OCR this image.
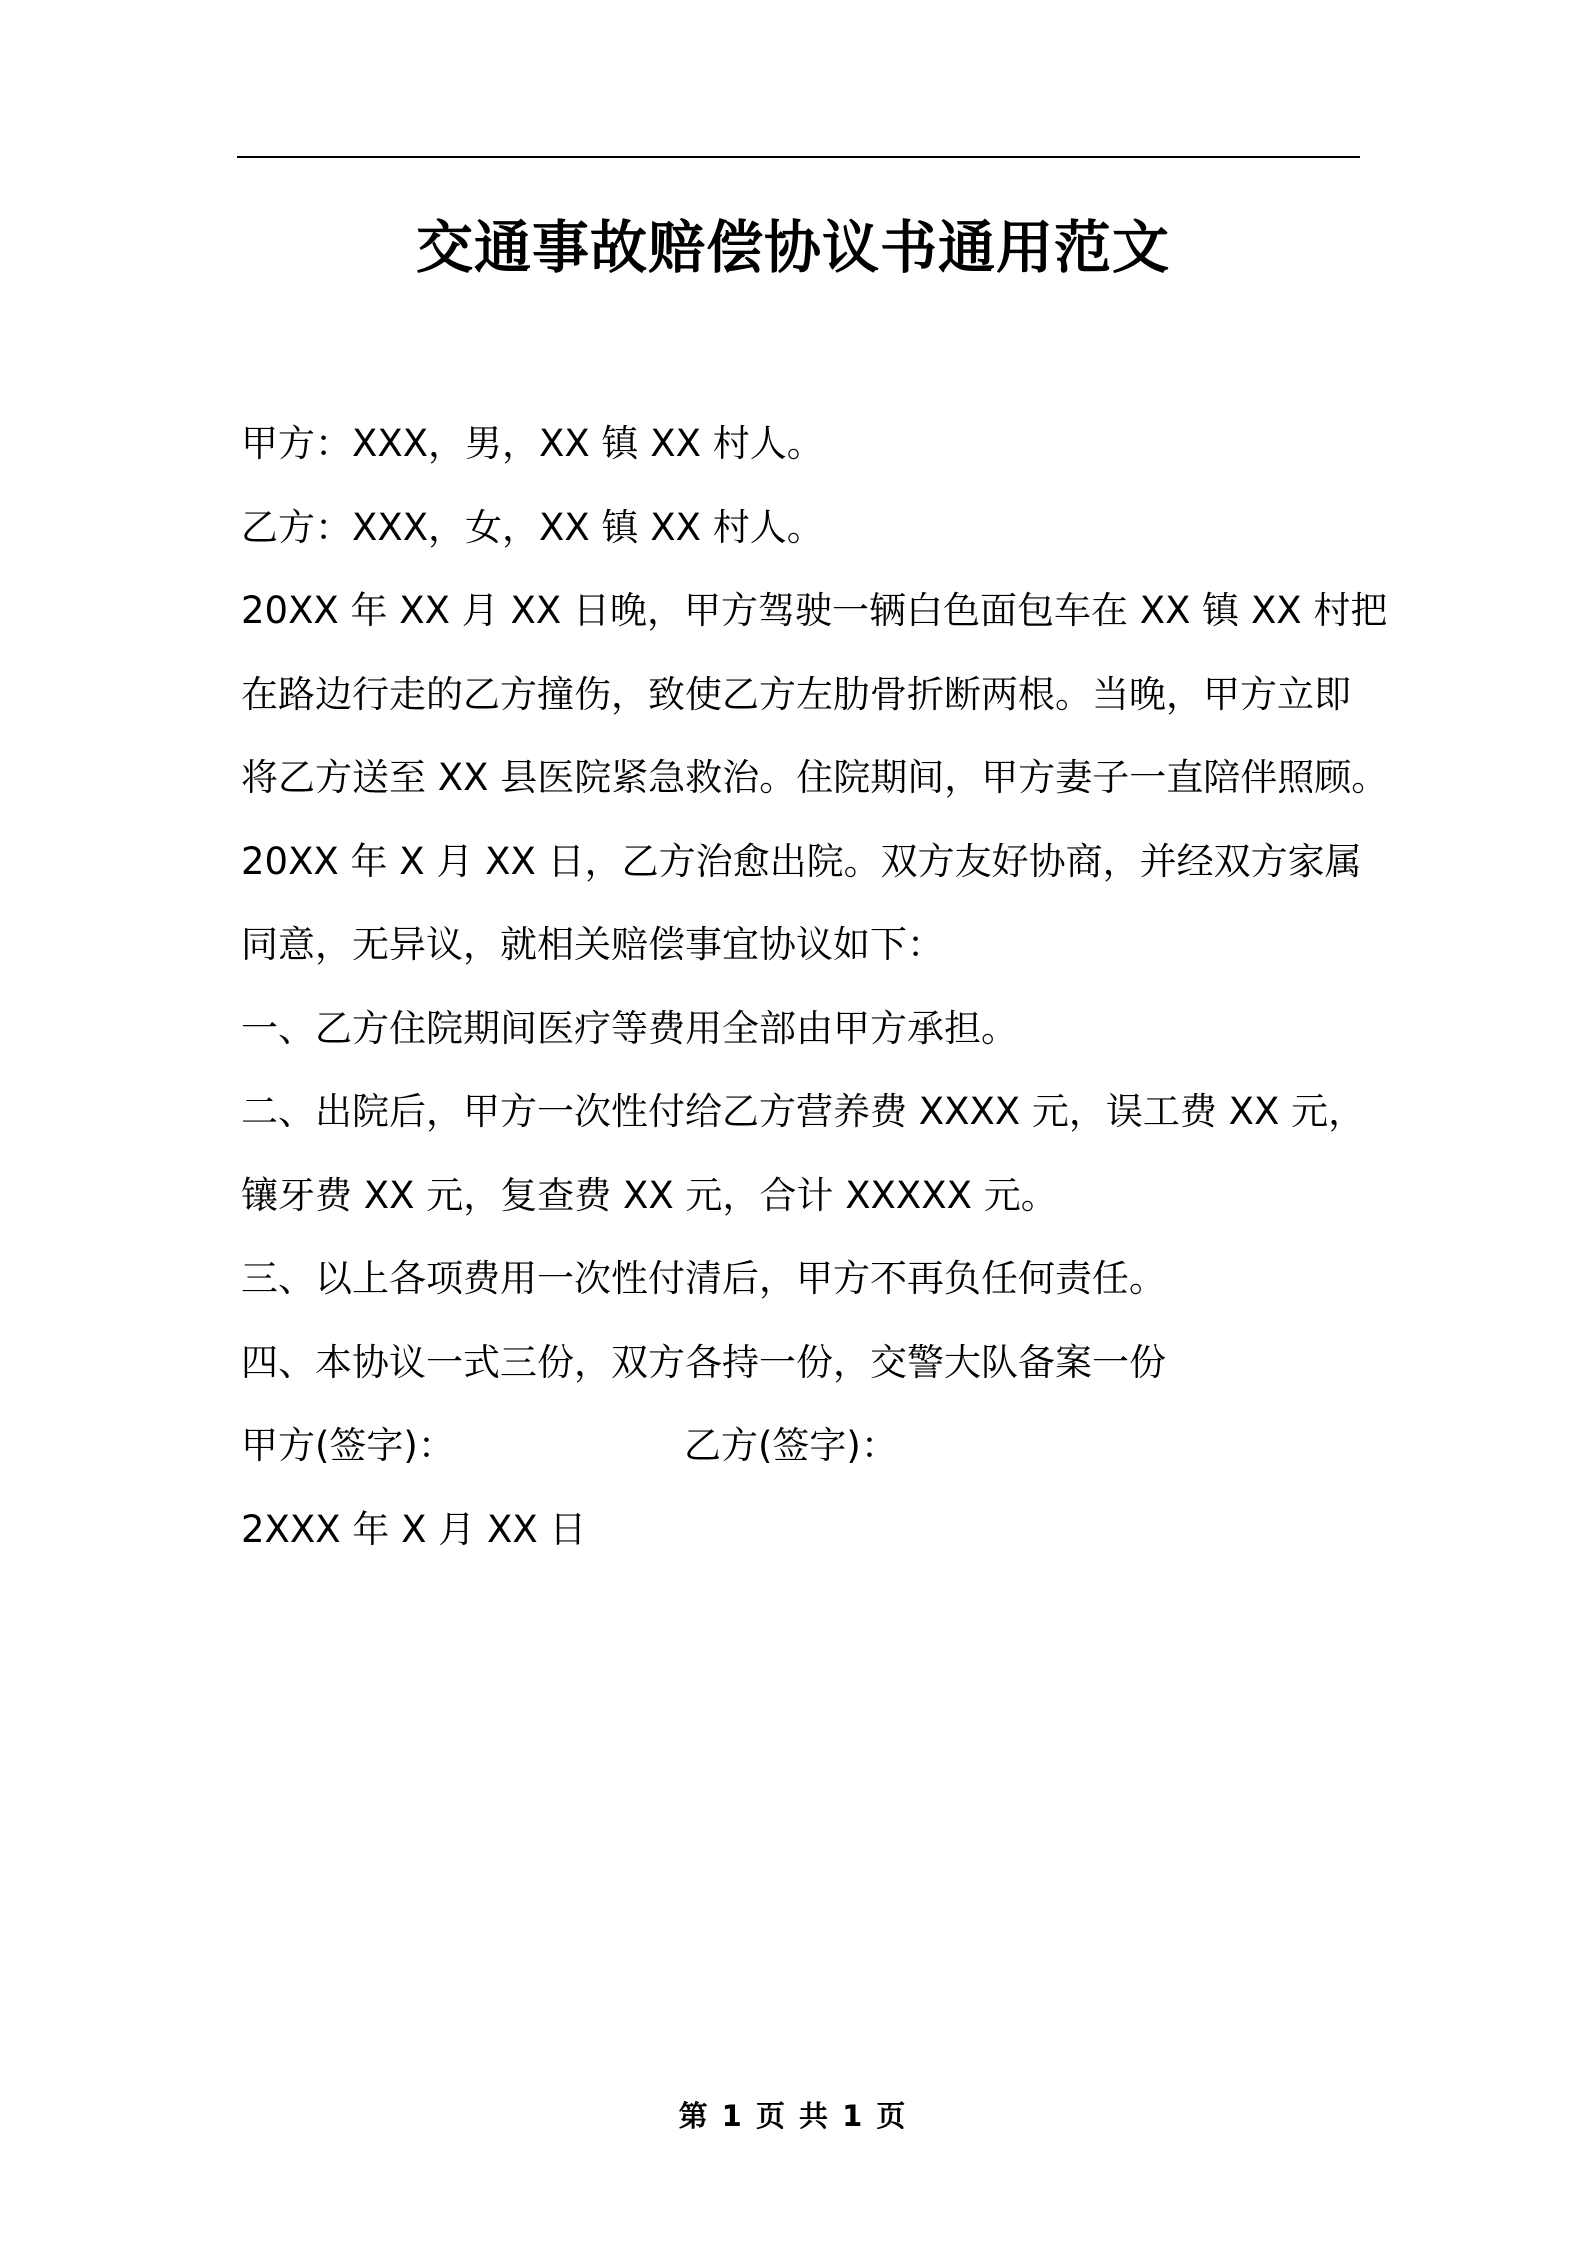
交通事故赔偿协议书通用范文
甲方：XXX，男，XX 镇 XX 村人。
乙方：XXX，女，XX 镇 XX 村人。
20XX 年 XX 月 XX 日晚，甲方驾驶一辆白色面包车在 XX 镇 XX 村把
在路边行走的乙方撞伤，致使乙方左肋骨折断两根。当晚，甲方立即
将乙方送至 XX 县医院紧急救治。住院期间，甲方妻子一直陪伴照顾。
20XX 年 X 月 XX 日，乙方治愈出院。双方友好协商，并经双方家属
同意，无异议，就相关赔偿事宜协议如下：
一、乙方住院期间医疗等费用全部由甲方承担。
二、出院后，甲方一次性付给乙方营养费 XXXX 元，误工费 XX 元，
镶牙费 XX 元，复查费 XX 元，合计 XXXXX 元。
三、以上各项费用一次性付清后，甲方不再负任何责任。
四、本协议一式三份，双方各持一份，交警大队备案一份
甲方(签字)：	乙方(签字)：
2XXX 年 X 月 XX 日
第 1 页 共 1 页
